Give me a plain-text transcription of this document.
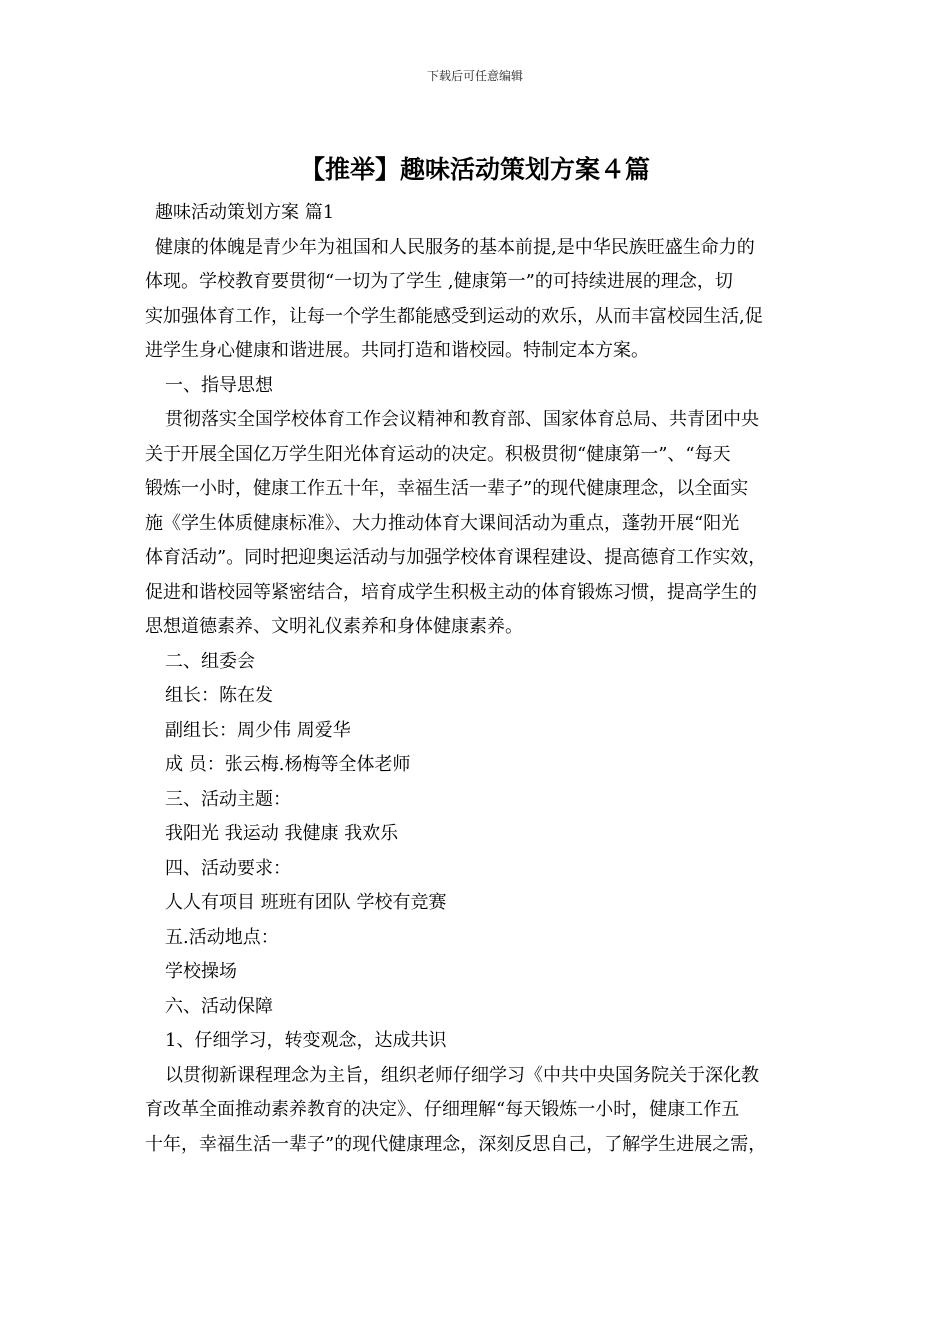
下载后可任意编辑
【推举】趣味活动策划方案４篇
趣味活动策划方案 篇1
健康的体魄是青少年为祖国和人民服务的基本前提,是中华民族旺盛生命力的
体现。学校教育要贯彻“一切为了学生 ,健康第一”的可持续进展的理念，切
实加强体育工作，让每一个学生都能感受到运动的欢乐，从而丰富校园生活,促
进学生身心健康和谐进展。共同打造和谐校园。特制定本方案。
一、指导思想
贯彻落实全国学校体育工作会议精神和教育部、国家体育总局、共青团中央
关于开展全国亿万学生阳光体育运动的决定。积极贯彻“健康第一”、“每天
锻炼一小时，健康工作五十年，幸福生活一辈子”的现代健康理念，以全面实
施《学生体质健康标准》、大力推动体育大课间活动为重点，蓬勃开展“阳光
体育活动”。同时把迎奥运活动与加强学校体育课程建设、提高德育工作实效，
促进和谐校园等紧密结合，培育成学生积极主动的体育锻炼习惯，提高学生的
思想道德素养、文明礼仪素养和身体健康素养。
二、组委会
组长：陈在发
副组长：周少伟 周爱华
成 员：张云梅.杨梅等全体老师
三、活动主题：
我阳光 我运动 我健康 我欢乐
四、活动要求：
人人有项目 班班有团队 学校有竞赛
五.活动地点：
学校操场
六、活动保障
1、仔细学习，转变观念，达成共识
以贯彻新课程理念为主旨，组织老师仔细学习《中共中央国务院关于深化教
育改革全面推动素养教育的决定》、仔细理解“每天锻炼一小时，健康工作五
十年，幸福生活一辈子”的现代健康理念，深刻反思自己，了解学生进展之需，
